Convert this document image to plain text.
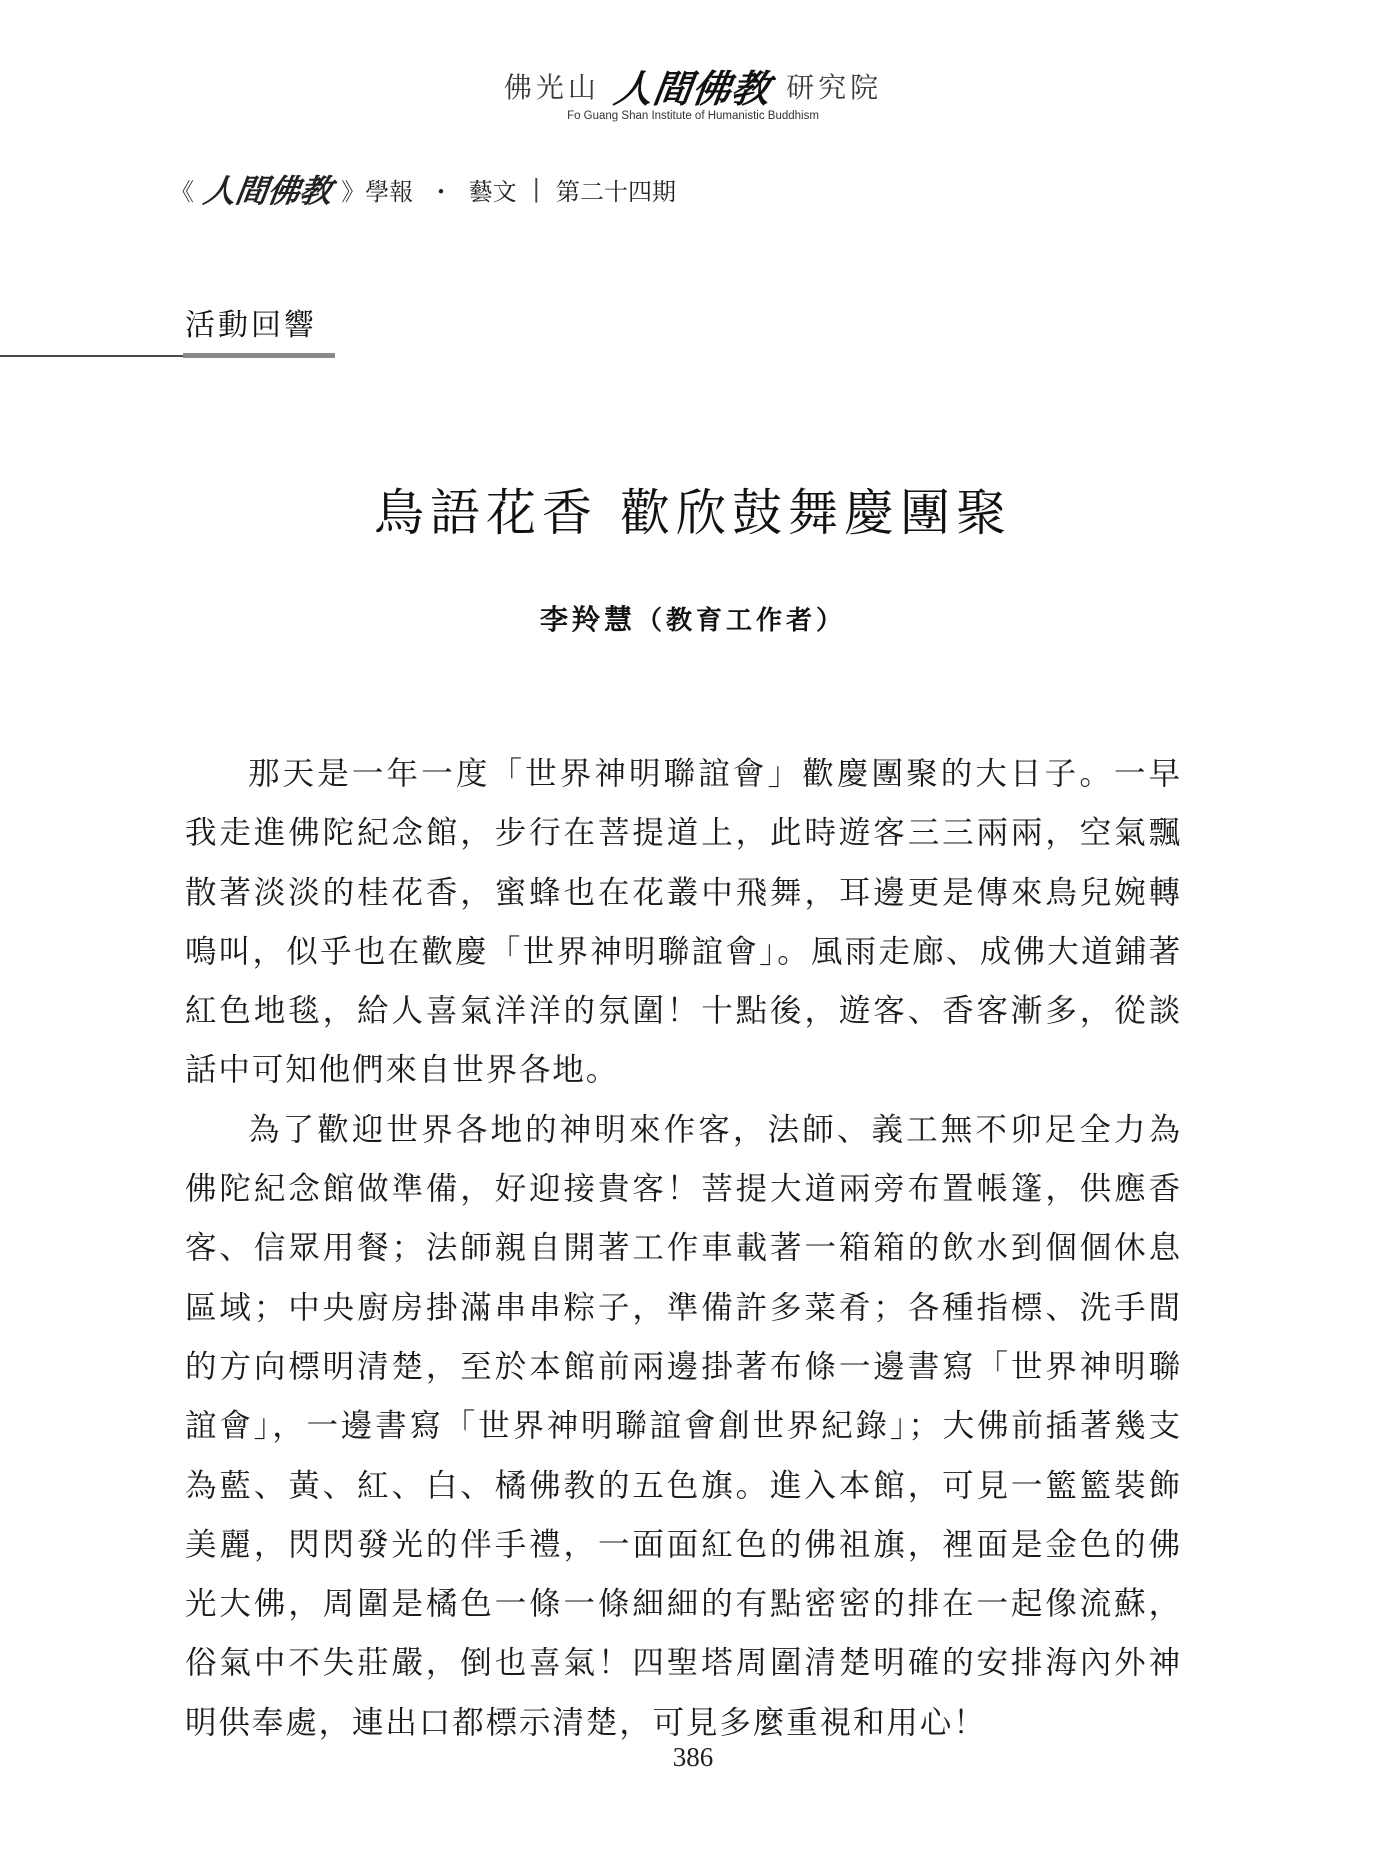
佛光山 人間佛教 研究院
Fo Guang Shan Institute of Humanistic Buddhism
《 人間佛教 》學報 ・ 藝文 | 第二十四期
活動回響
鳥語花香 歡欣鼓舞慶團聚
李羚慧（教育工作者）

那天是一年一度「世界神明聯誼會」歡慶團聚的大日子。一早我走進佛陀紀念館，步行在菩提道上，此時遊客三三兩兩，空氣飄散著淡淡的桂花香，蜜蜂也在花叢中飛舞，耳邊更是傳來鳥兒婉轉鳴叫，似乎也在歡慶「世界神明聯誼會」。風雨走廊、成佛大道鋪著紅色地毯，給人喜氣洋洋的氛圍！十點後，遊客、香客漸多，從談話中可知他們來自世界各地。

為了歡迎世界各地的神明來作客，法師、義工無不卯足全力為佛陀紀念館做準備，好迎接貴客！菩提大道兩旁布置帳篷，供應香客、信眾用餐；法師親自開著工作車載著一箱箱的飲水到個個休息區域；中央廚房掛滿串串粽子，準備許多菜肴；各種指標、洗手間的方向標明清楚，至於本館前兩邊掛著布條一邊書寫「世界神明聯誼會」，一邊書寫「世界神明聯誼會創世界紀錄」；大佛前插著幾支為藍、黃、紅、白、橘佛教的五色旗。進入本館，可見一籃籃裝飾美麗，閃閃發光的伴手禮，一面面紅色的佛祖旗，裡面是金色的佛光大佛，周圍是橘色一條一條細細的有點密密的排在一起像流蘇，俗氣中不失莊嚴，倒也喜氣！四聖塔周圍清楚明確的安排海內外神明供奉處，連出口都標示清楚，可見多麼重視和用心！

386
